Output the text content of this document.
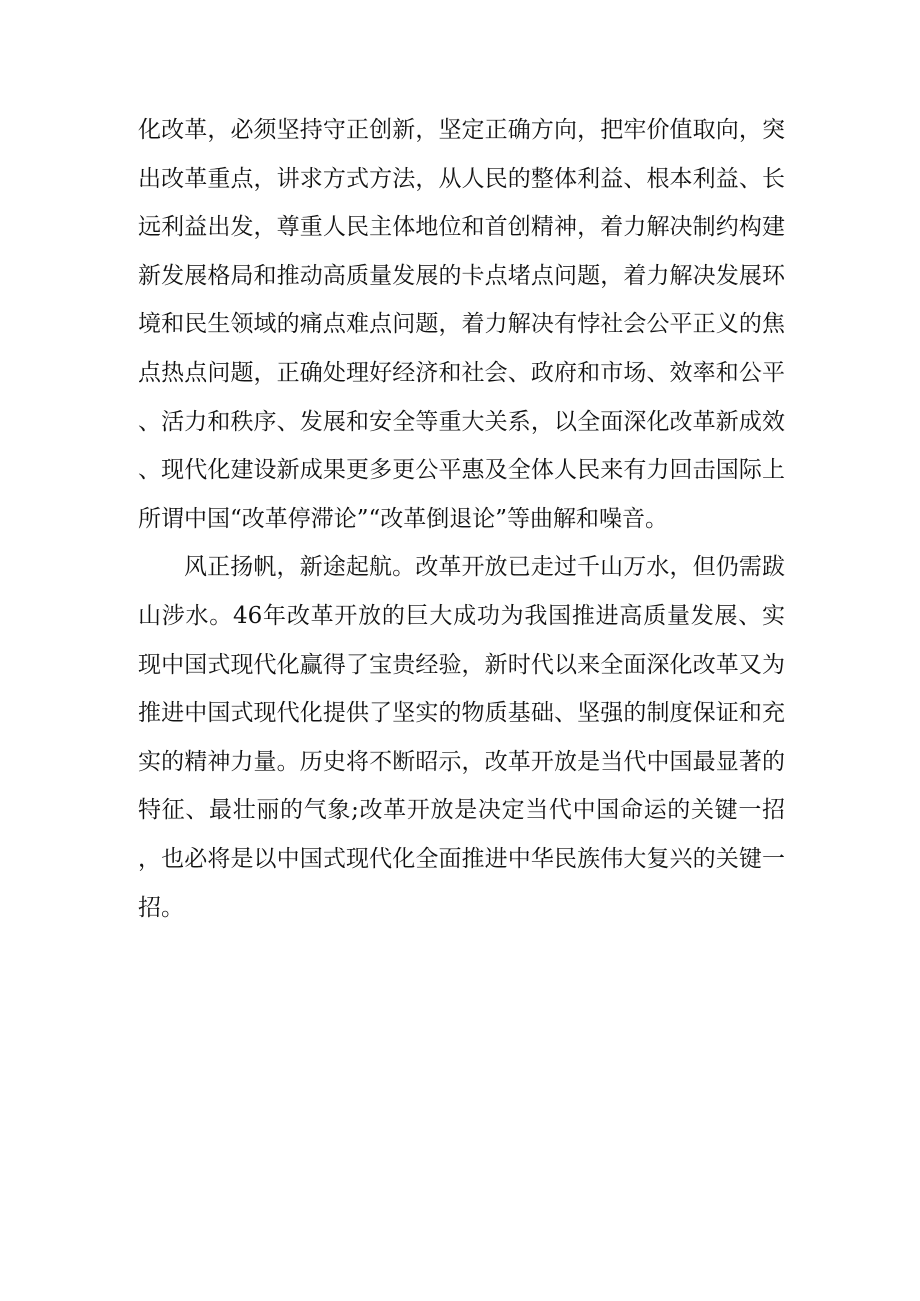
化改革，必须坚持守正创新，坚定正确方向，把牢价值取向，突出改革重点，讲求方式方法，从人民的整体利益、根本利益、长远利益出发，尊重人民主体地位和首创精神，着力解决制约构建新发展格局和推动高质量发展的卡点堵点问题，着力解决发展环境和民生领域的痛点难点问题，着力解决有悖社会公平正义的焦点热点问题，正确处理好经济和社会、政府和市场、效率和公平、活力和秩序、发展和安全等重大关系，以全面深化改革新成效、现代化建设新成果更多更公平惠及全体人民来有力回击国际上所谓中国“改革停滞论”“改革倒退论”等曲解和噪音。

风正扬帆，新途起航。改革开放已走过千山万水，但仍需跋山涉水。46年改革开放的巨大成功为我国推进高质量发展、实现中国式现代化赢得了宝贵经验，新时代以来全面深化改革又为推进中国式现代化提供了坚实的物质基础、坚强的制度保证和充实的精神力量。历史将不断昭示，改革开放是当代中国最显著的特征、最壮丽的气象;改革开放是决定当代中国命运的关键一招，也必将是以中国式现代化全面推进中华民族伟大复兴的关键一招。
